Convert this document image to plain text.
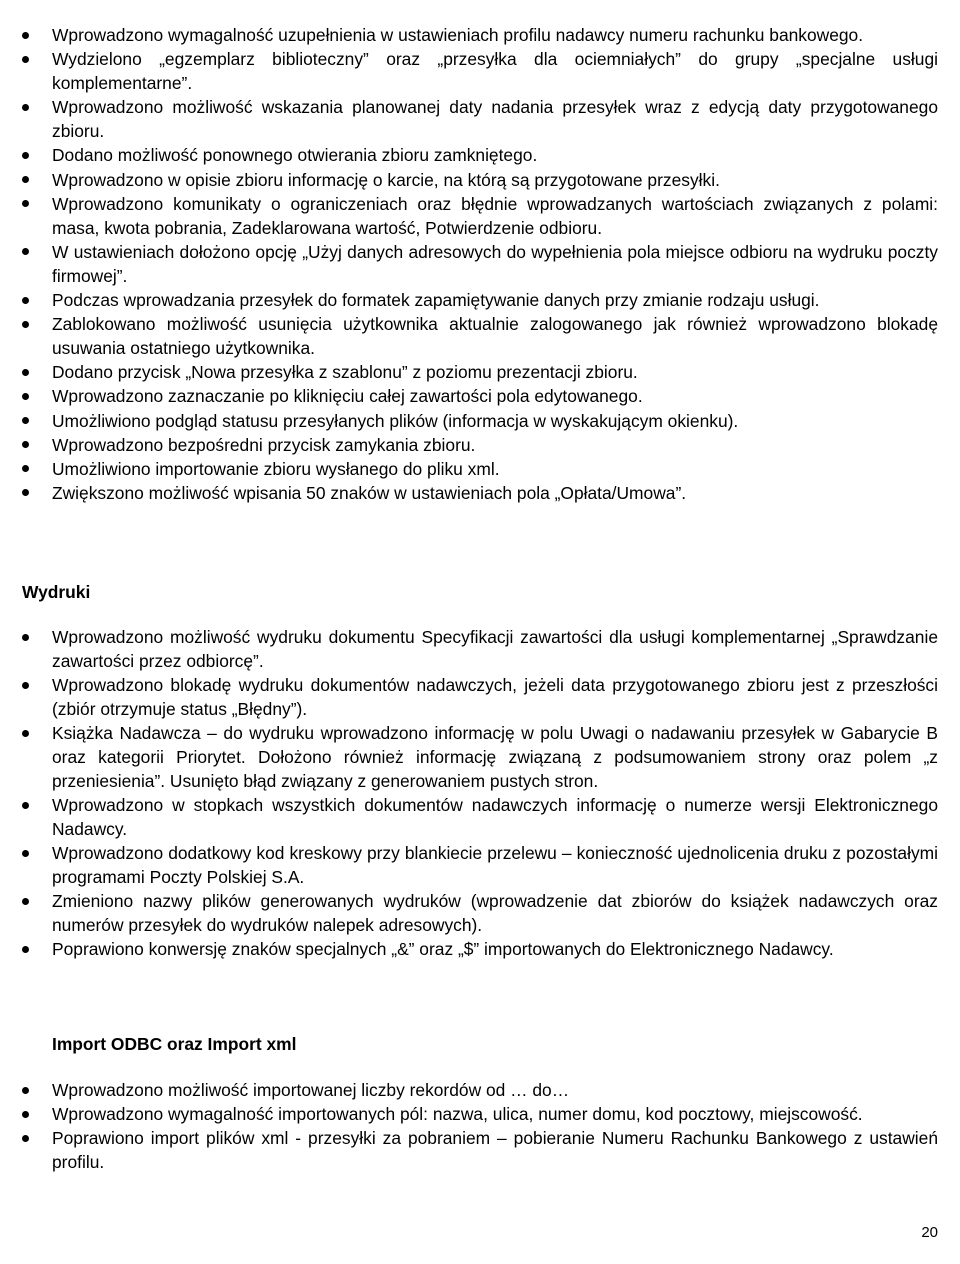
Wprowadzono wymagalność uzupełnienia w ustawieniach profilu nadawcy numeru rachunku bankowego.
Wydzielono „egzemplarz biblioteczny” oraz „przesyłka dla ociemniałych” do grupy „specjalne usługi komplementarne”.
Wprowadzono możliwość wskazania planowanej daty nadania przesyłek wraz z edycją daty przygotowanego zbioru.
Dodano możliwość ponownego otwierania zbioru zamkniętego.
Wprowadzono w opisie zbioru informację o karcie, na którą są przygotowane przesyłki.
Wprowadzono komunikaty o ograniczeniach oraz błędnie wprowadzanych wartościach związanych z polami: masa, kwota pobrania, Zadeklarowana wartość, Potwierdzenie odbioru.
W ustawieniach dołożono opcję „Użyj danych adresowych do wypełnienia pola miejsce odbioru na wydruku poczty firmowej”.
Podczas wprowadzania przesyłek do formatek zapamiętywanie danych przy zmianie rodzaju usługi.
Zablokowano możliwość usunięcia użytkownika aktualnie zalogowanego jak również wprowadzono blokadę usuwania ostatniego użytkownika.
Dodano przycisk „Nowa przesyłka z szablonu” z poziomu prezentacji zbioru.
Wprowadzono zaznaczanie po kliknięciu całej zawartości pola edytowanego.
Umożliwiono podgląd statusu przesyłanych plików (informacja w wyskakującym okienku).
Wprowadzono bezpośredni przycisk zamykania zbioru.
Umożliwiono importowanie zbioru wysłanego do pliku xml.
Zwiększono możliwość wpisania 50 znaków w ustawieniach pola „Opłata/Umowa”.
Wydruki
Wprowadzono możliwość wydruku dokumentu Specyfikacji zawartości dla usługi komplementarnej „Sprawdzanie zawartości przez odbiorcę”.
Wprowadzono blokadę wydruku dokumentów nadawczych, jeżeli data przygotowanego zbioru jest z przeszłości (zbiór otrzymuje status „Błędny”).
Książka Nadawcza – do wydruku wprowadzono informację w polu Uwagi o nadawaniu przesyłek w Gabarycie B oraz kategorii Priorytet. Dołożono również informację związaną z podsumowaniem strony oraz polem „z przeniesienia”. Usunięto błąd związany z generowaniem pustych stron.
Wprowadzono w stopkach wszystkich dokumentów nadawczych informację o numerze wersji Elektronicznego Nadawcy.
Wprowadzono dodatkowy kod kreskowy przy blankiecie przelewu – konieczność ujednolicenia druku z pozostałymi programami Poczty Polskiej S.A.
Zmieniono nazwy plików generowanych wydruków (wprowadzenie dat zbiorów do książek nadawczych oraz numerów przesyłek do wydruków nalepek adresowych).
Poprawiono konwersję znaków specjalnych „&” oraz „$” importowanych do Elektronicznego Nadawcy.
Import ODBC oraz Import xml
Wprowadzono możliwość importowanej liczby rekordów od … do…
Wprowadzono wymagalność importowanych pól: nazwa, ulica, numer domu, kod pocztowy, miejscowość.
Poprawiono import plików xml - przesyłki za pobraniem – pobieranie Numeru Rachunku Bankowego z ustawień profilu.
20
